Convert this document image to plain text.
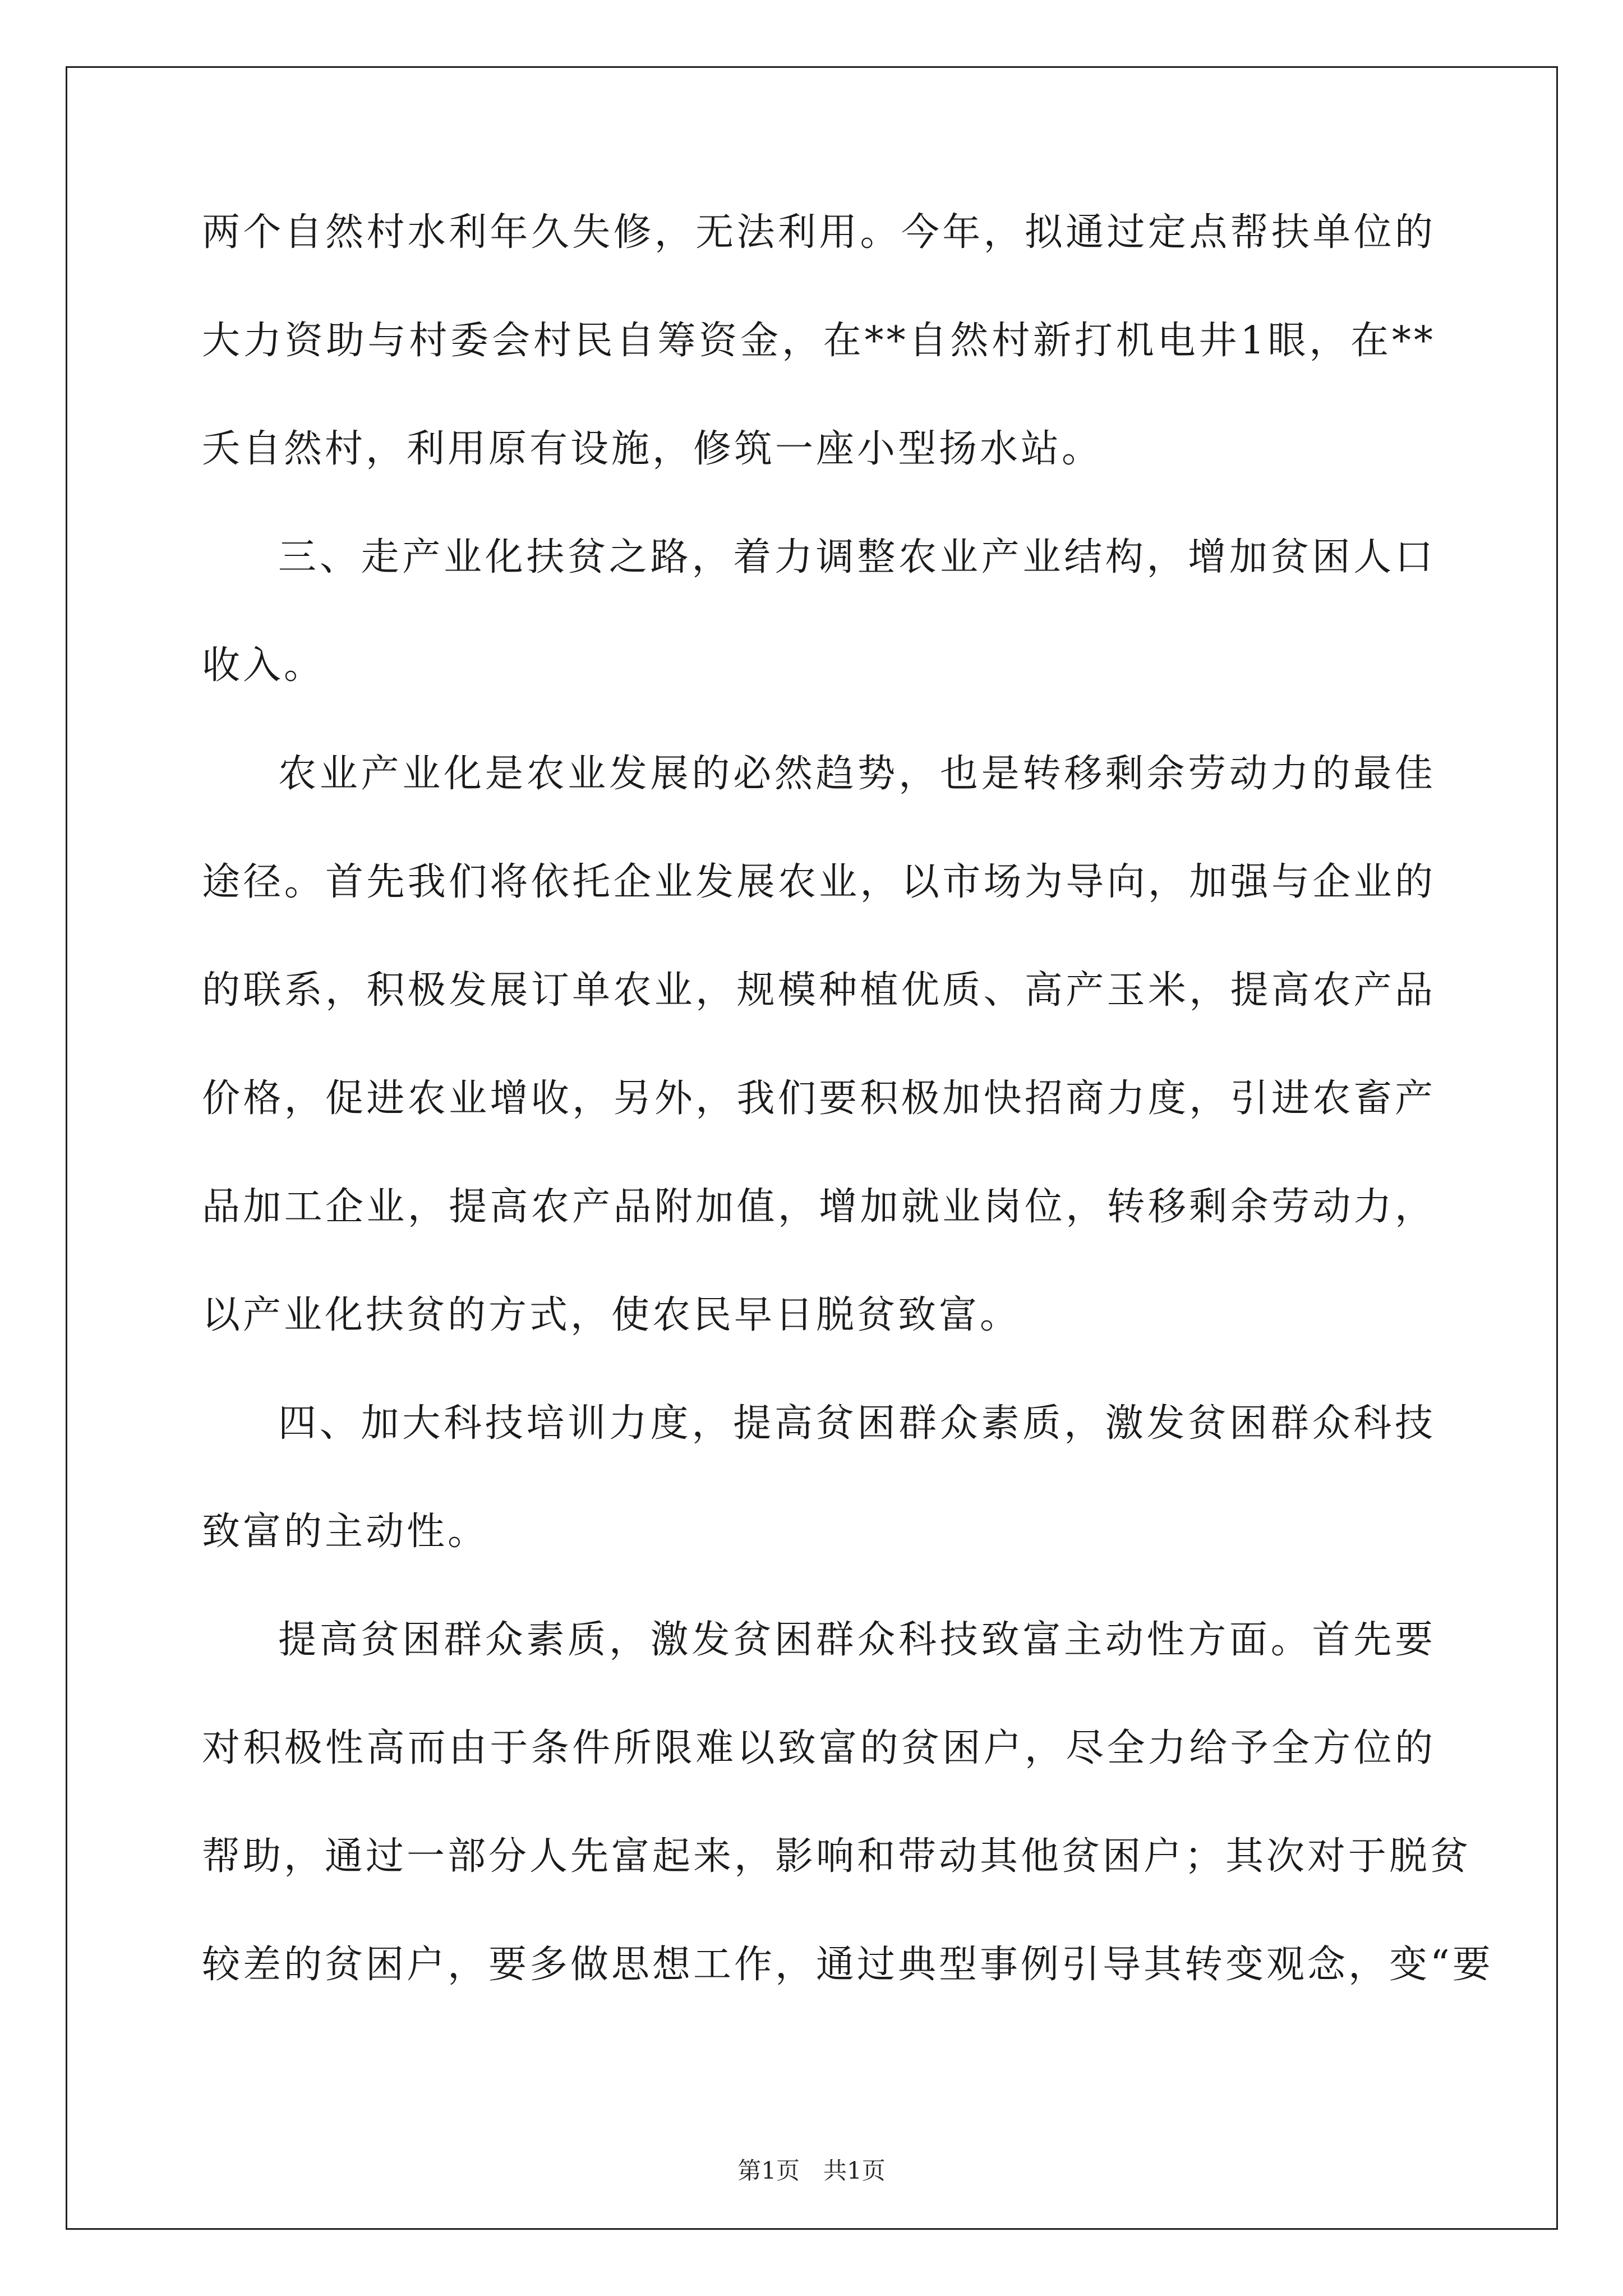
两个自然村水利年久失修，无法利用。今年，拟通过定点帮扶单位的
大力资助与村委会村民自筹资金，在**自然村新打机电井1眼，在**
夭自然村，利用原有设施，修筑一座小型扬水站。
三、走产业化扶贫之路，着力调整农业产业结构，增加贫困人口
收入。
农业产业化是农业发展的必然趋势，也是转移剩余劳动力的最佳
途径。首先我们将依托企业发展农业，以市场为导向，加强与企业的
的联系，积极发展订单农业，规模种植优质、高产玉米，提高农产品
价格，促进农业增收，另外，我们要积极加快招商力度，引进农畜产
品加工企业，提高农产品附加值，增加就业岗位，转移剩余劳动力，
以产业化扶贫的方式，使农民早日脱贫致富。
四、加大科技培训力度，提高贫困群众素质，激发贫困群众科技
致富的主动性。
提高贫困群众素质，激发贫困群众科技致富主动性方面。首先要
对积极性高而由于条件所限难以致富的贫困户，尽全力给予全方位的
帮助，通过一部分人先富起来，影响和带动其他贫困户；其次对于脱贫
较差的贫困户，要多做思想工作，通过典型事例引导其转变观念，变“要
第1页　共1页
